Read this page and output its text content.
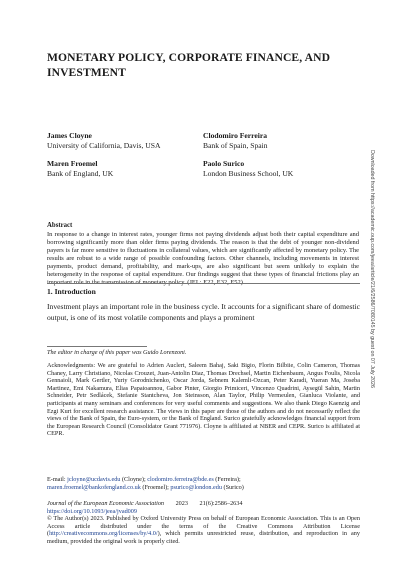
MONETARY POLICY, CORPORATE FINANCE, AND INVESTMENT
James Cloyne
University of California, Davis, USA
Clodomiro Ferreira
Bank of Spain, Spain
Maren Froemel
Bank of England, UK
Paolo Surico
London Business School, UK	Downloaded from https://academic.oup.com/jeea/article/21/6/2586/7080145 by guest on 07 July 2026
Abstract
In response to a change in interest rates, younger firms not paying dividends adjust both their capital expenditure and borrowing significantly more than older firms paying dividends. The reason is that the debt of younger non-dividend payers is far more sensitive to fluctuations in collateral values, which are significantly affected by monetary policy. The results are robust to a wide range of possible confounding factors. Other channels, including movements in interest payments, product demand, profitability, and mark-ups, are also significant but seem unlikely to explain the heterogeneity in the response of capital expenditure. Our findings suggest that these types of financial frictions play an important role in the transmission of monetary policy. (JEL: E22, E32, E52)
1. Introduction
Investment plays an important role in the business cycle. It accounts for a significant share of domestic output, is one of its most volatile components and plays a prominent
The editor in charge of this paper was Guido Lorenzoni.
Acknowledgments: We are grateful to Adrien Auclert, Saleem Bahaj, Saki Bigio, Florin Bilbiie, Colin Cameron, Thomas Chaney, Larry Christiano, Nicolas Crouzet, Juan-Antolin Diaz, Thomas Drechsel, Martin Eichenbaum, Angus Foulis, Nicola Gennaioli, Mark Gertler, Yuriy Gorodnichenko, Oscar Jorda, Sebnem Kalemli-Ozcan, Peter Karadi, Yueran Ma, Joseba Martinez, Emi Nakamura, Elias Papaioannou, Gabor Pinter, Giorgio Primiceri, Vincenzo Quadrini, Aysegül Sahin, Martin Schneider, Petr Sedlácek, Stefanie Stantcheva, Jon Steinsson, Alan Taylor, Philip Vermeulen, Gianluca Violante, and participants at many seminars and conferences for very useful comments and suggestions. We also thank Diego Kaenzig and Ezgi Kurt for excellent research assistance. The views in this paper are those of the authors and do not necessarily reflect the views of the Bank of Spain, the Euro-system, or the Bank of England. Surico gratefully acknowledges financial support from the European Research Council (Consolidator Grant 771976). Cloyne is affiliated at NBER and CEPR. Surico is affiliated at CEPR.
E-mail: jcloyne@ucdavis.edu (Cloyne); clodomiro.ferreira@bde.es (Ferreira);
maren.froemel@bankofengland.co.uk (Froemel); psurico@london.edu (Surico)
Journal of the European Economic Association 2023 21(6):2586–2634
https://doi.org/10.1093/jeea/jvad009
© The Author(s) 2023. Published by Oxford University Press on behalf of European Economic Association. This is an Open Access article distributed under the terms of the Creative Commons Attribution License (http://creativecommons.org/licenses/by/4.0/), which permits unrestricted reuse, distribution, and reproduction in any medium, provided the original work is properly cited.
